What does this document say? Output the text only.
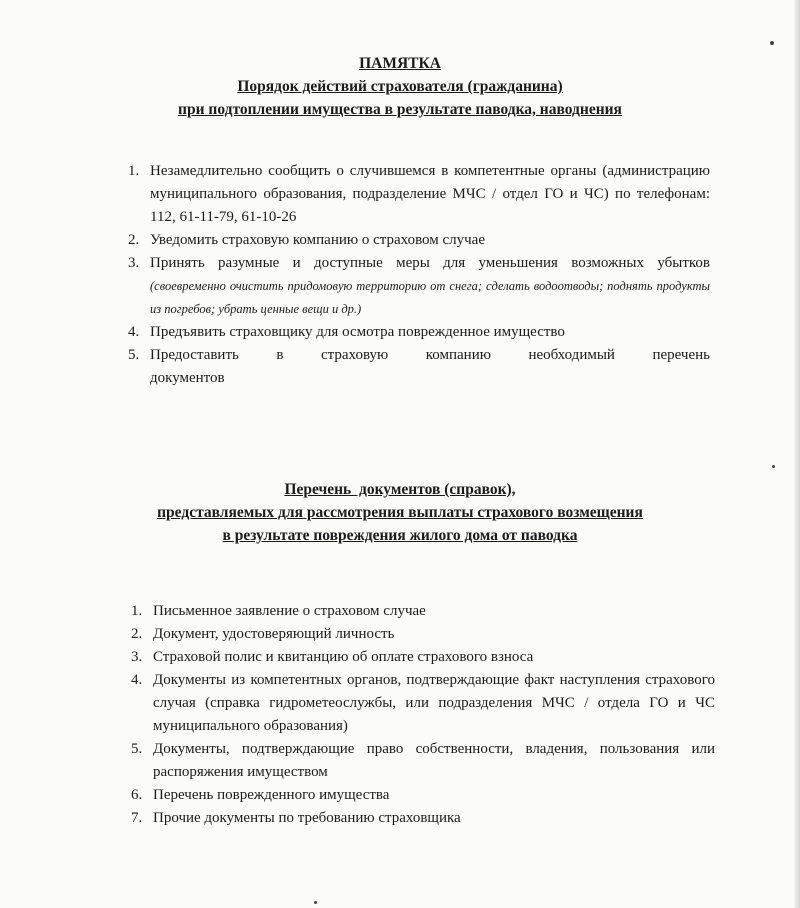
ПАМЯТКА
Порядок действий страхователя (гражданина)
при подтоплении имущества в результате паводка, наводнения
1. Незамедлительно сообщить о случившемся в компетентные органы (администрацию муниципального образования, подразделение МЧС / отдел ГО и ЧС) по телефонам: 112, 61-11-79, 61-10-26
2. Уведомить страховую компанию о страховом случае
3. Принять разумные и доступные меры для уменьшения возможных убытков (своевременно очистить придомовую территорию от снега; сделать водоотводы; поднять продукты из погребов; убрать ценные вещи и др.)
4. Предъявить страховщику для осмотра поврежденное имущество
5. Предоставить в страховую компанию необходимый перечень документов
Перечень  документов (справок),
представляемых для рассмотрения выплаты страхового возмещения
в результате повреждения жилого дома от паводка
1. Письменное заявление о страховом случае
2. Документ, удостоверяющий личность
3. Страховой полис и квитанцию об оплате страхового взноса
4. Документы из компетентных органов, подтверждающие факт наступления страхового случая (справка гидрометеослужбы, или подразделения МЧС / отдела ГО и ЧС муниципального образования)
5. Документы, подтверждающие право собственности, владения, пользования или распоряжения имуществом
6. Перечень поврежденного имущества
7. Прочие документы по требованию страховщика
